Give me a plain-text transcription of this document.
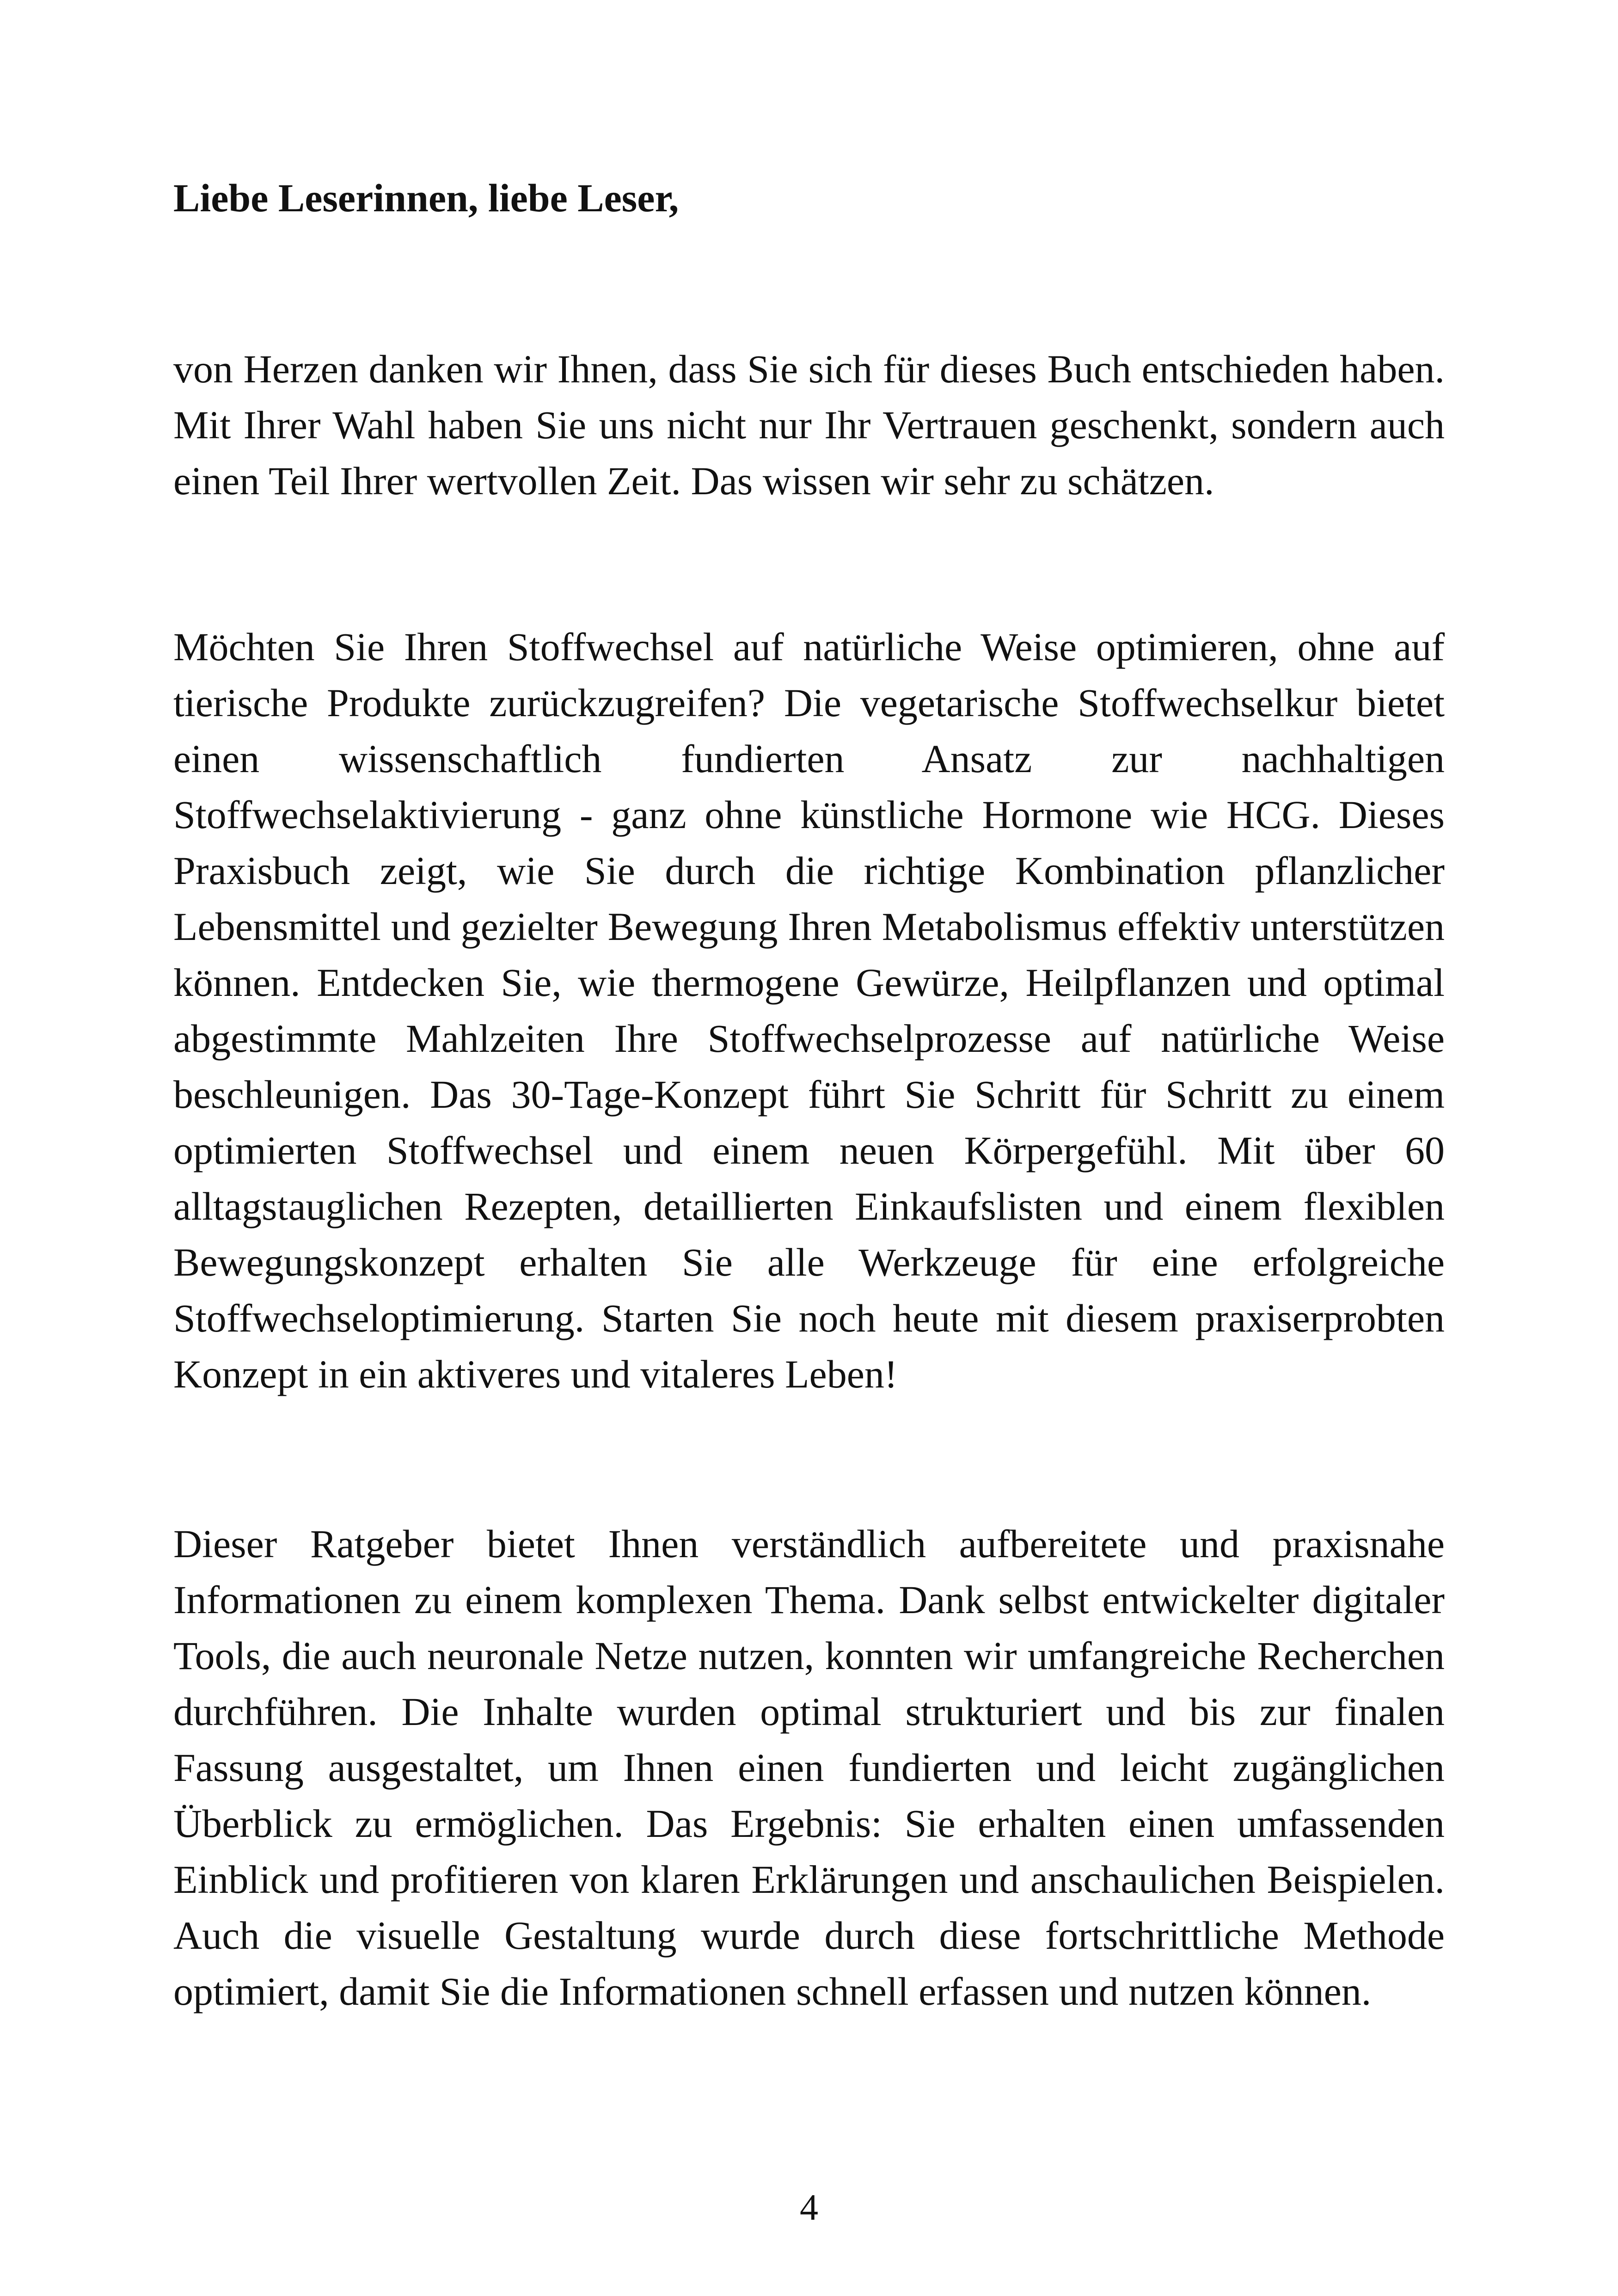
Liebe Leserinnen, liebe Leser,

von Herzen danken wir Ihnen, dass Sie sich für dieses Buch entschieden haben. Mit Ihrer Wahl haben Sie uns nicht nur Ihr Vertrauen geschenkt, sondern auch einen Teil Ihrer wertvollen Zeit. Das wissen wir sehr zu schätzen.

Möchten Sie Ihren Stoffwechsel auf natürliche Weise optimieren, ohne auf tierische Produkte zurückzugreifen? Die vegetarische Stoffwechselkur bietet einen wissenschaftlich fundierten Ansatz zur nachhaltigen Stoffwechselaktivierung - ganz ohne künstliche Hormone wie HCG. Dieses Praxisbuch zeigt, wie Sie durch die richtige Kombination pflanzlicher Lebensmittel und gezielter Bewegung Ihren Metabolismus effektiv unterstützen können. Entdecken Sie, wie thermogene Gewürze, Heilpflanzen und optimal abgestimmte Mahlzeiten Ihre Stoffwechselprozesse auf natürliche Weise beschleunigen. Das 30-Tage-Konzept führt Sie Schritt für Schritt zu einem optimierten Stoffwechsel und einem neuen Körpergefühl. Mit über 60 alltagstauglichen Rezepten, detaillierten Einkaufslisten und einem flexiblen Bewegungskonzept erhalten Sie alle Werkzeuge für eine erfolgreiche Stoffwechseloptimierung. Starten Sie noch heute mit diesem praxiserprobten Konzept in ein aktiveres und vitaleres Leben!

Dieser Ratgeber bietet Ihnen verständlich aufbereitete und praxisnahe Informationen zu einem komplexen Thema. Dank selbst entwickelter digitaler Tools, die auch neuronale Netze nutzen, konnten wir umfangreiche Recherchen durchführen. Die Inhalte wurden optimal strukturiert und bis zur finalen Fassung ausgestaltet, um Ihnen einen fundierten und leicht zugänglichen Überblick zu ermöglichen. Das Ergebnis: Sie erhalten einen umfassenden Einblick und profitieren von klaren Erklärungen und anschaulichen Beispielen. Auch die visuelle Gestaltung wurde durch diese fortschrittliche Methode optimiert, damit Sie die Informationen schnell erfassen und nutzen können.

4
